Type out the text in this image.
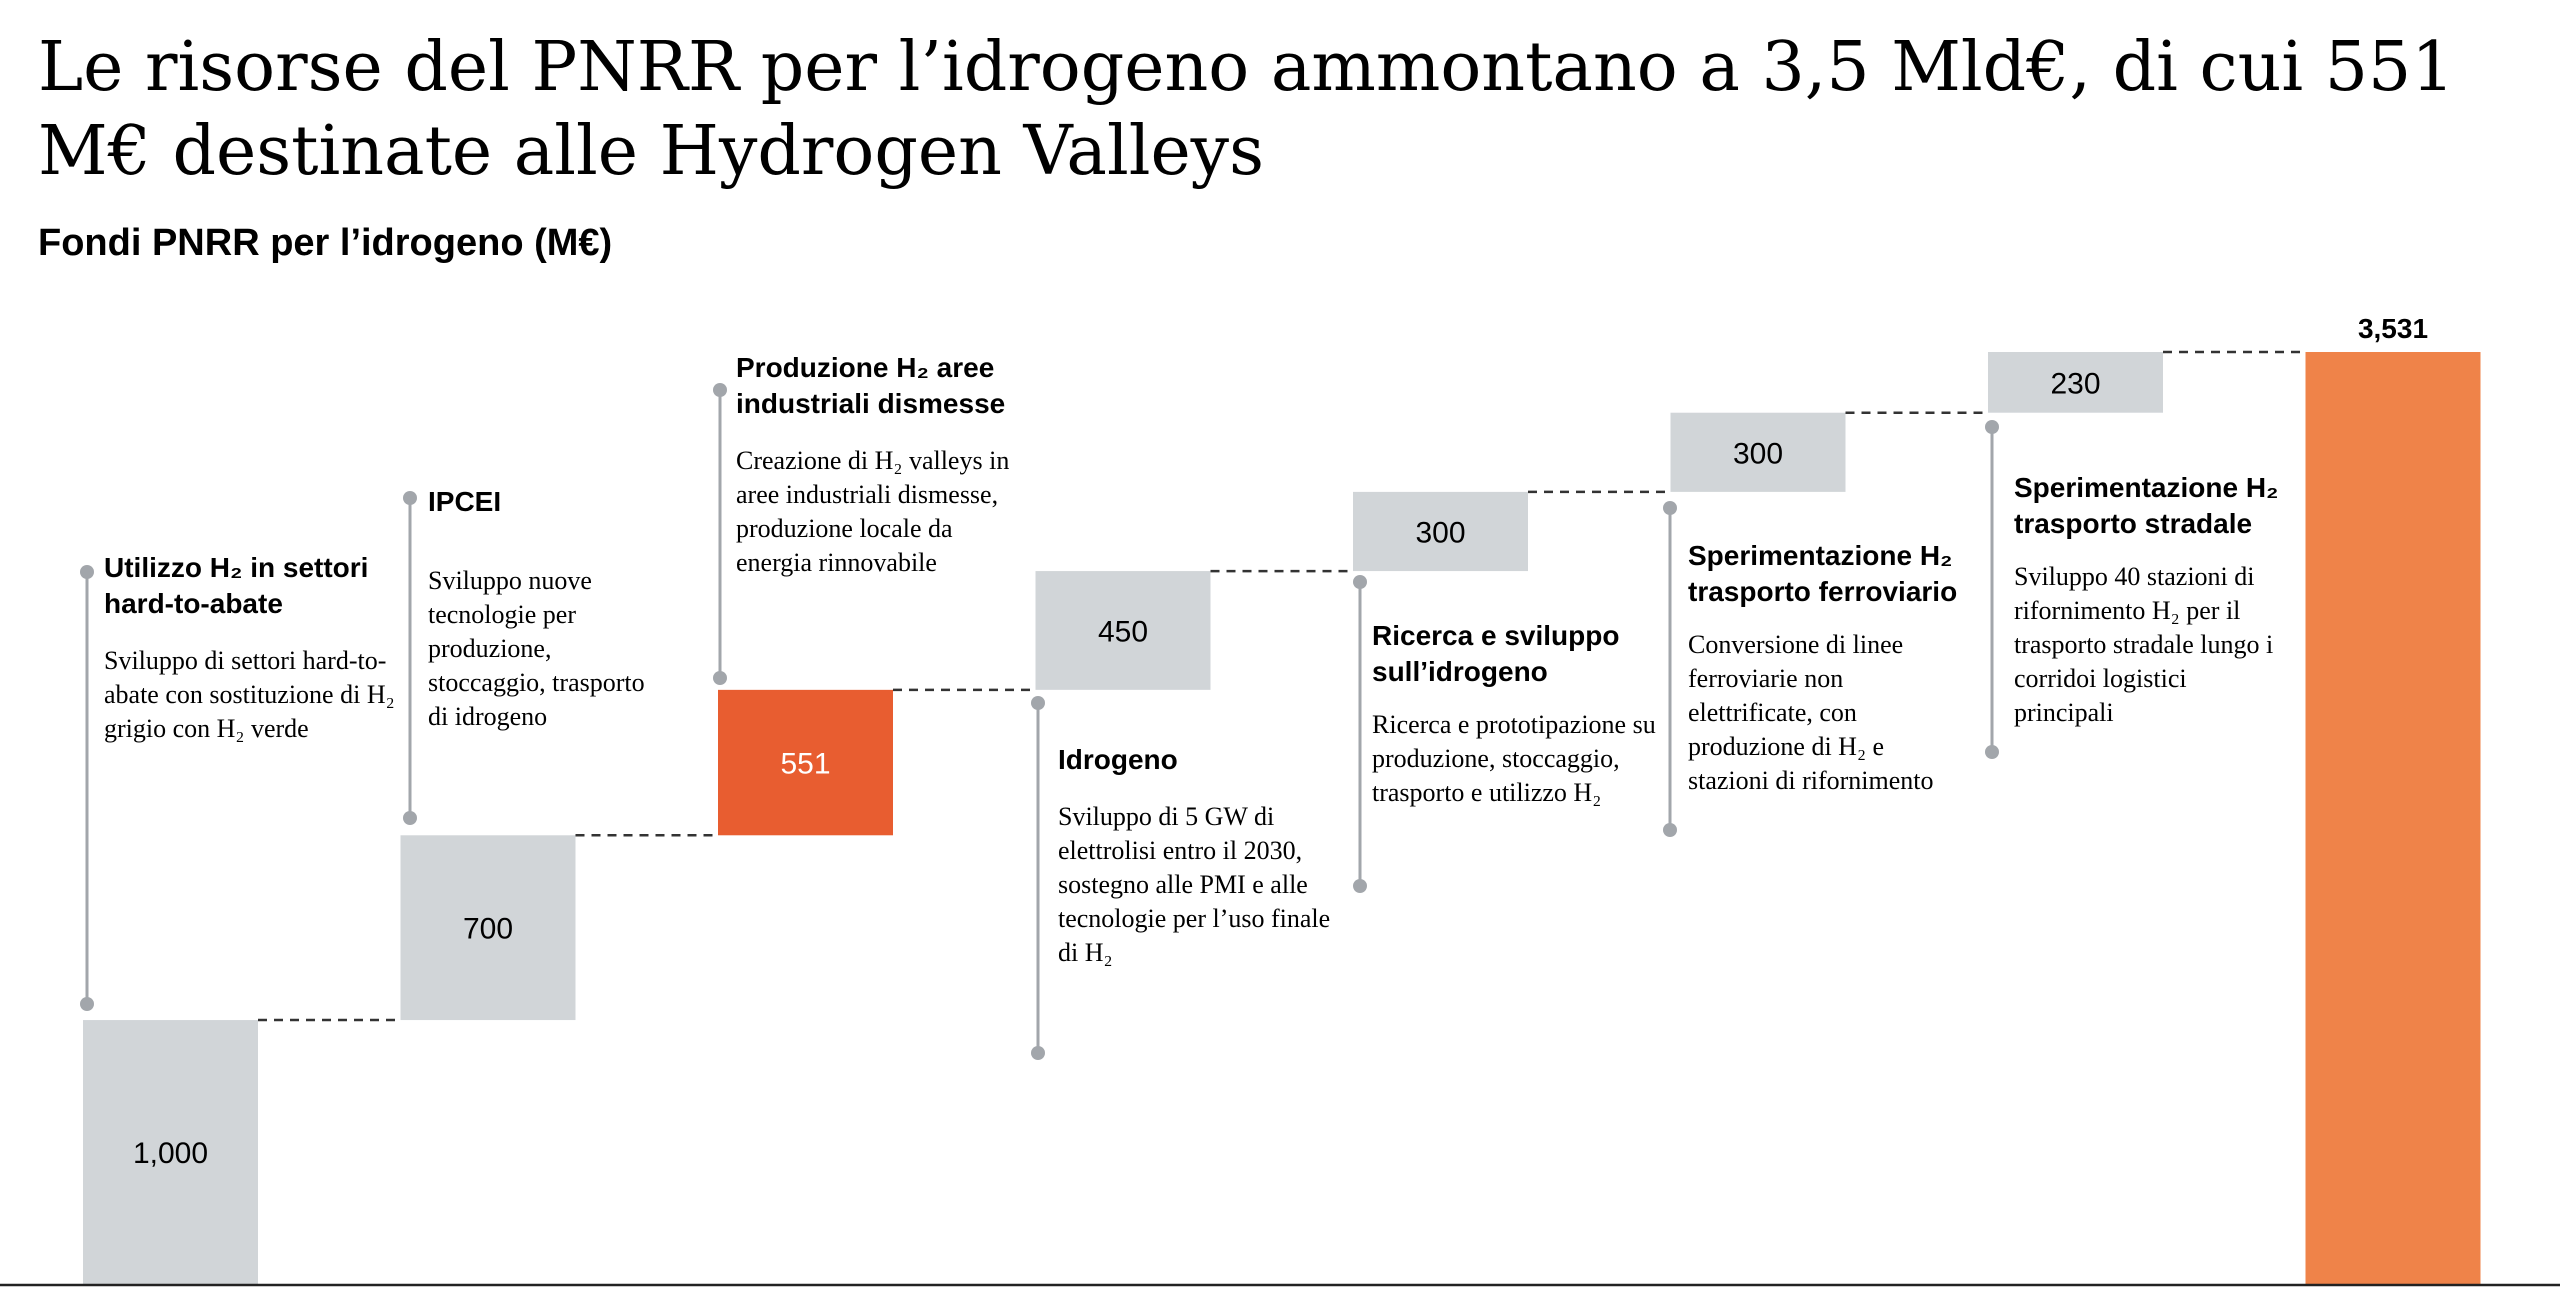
Le risorse del PNRR per l’idrogeno ammontano a 3,5 Mld€, di cui 551 M€ destinate alle Hydrogen Valleys
Fondi PNRR per l’idrogeno (M€)
1,000
700
551
450
300
300
230
3,531
Utilizzo H₂ in settori hard-to-abate
Sviluppo di settori hard-to-abate con sostituzione di H₂ grigio con H₂ verde
IPCEI
Sviluppo nuove tecnologie per produzione, stoccaggio, trasporto di idrogeno
Produzione H₂ aree industriali dismesse
Creazione di H₂ valleys in aree industriali dismesse, produzione locale da energia rinnovabile
Idrogeno
Sviluppo di 5 GW di elettrolisi entro il 2030, sostegno alle PMI e alle tecnologie per l’uso finale di H₂
Ricerca e sviluppo sull’idrogeno
Ricerca e prototipazione su produzione, stoccaggio, trasporto e utilizzo H₂
Sperimentazione H₂ trasporto ferroviario
Conversione di linee ferroviarie non elettrificate, con produzione di H₂ e stazioni di rifornimento
Sperimentazione H₂ trasporto stradale
Sviluppo 40 stazioni di rifornimento H₂ per il trasporto stradale lungo i corridoi logistici principali
